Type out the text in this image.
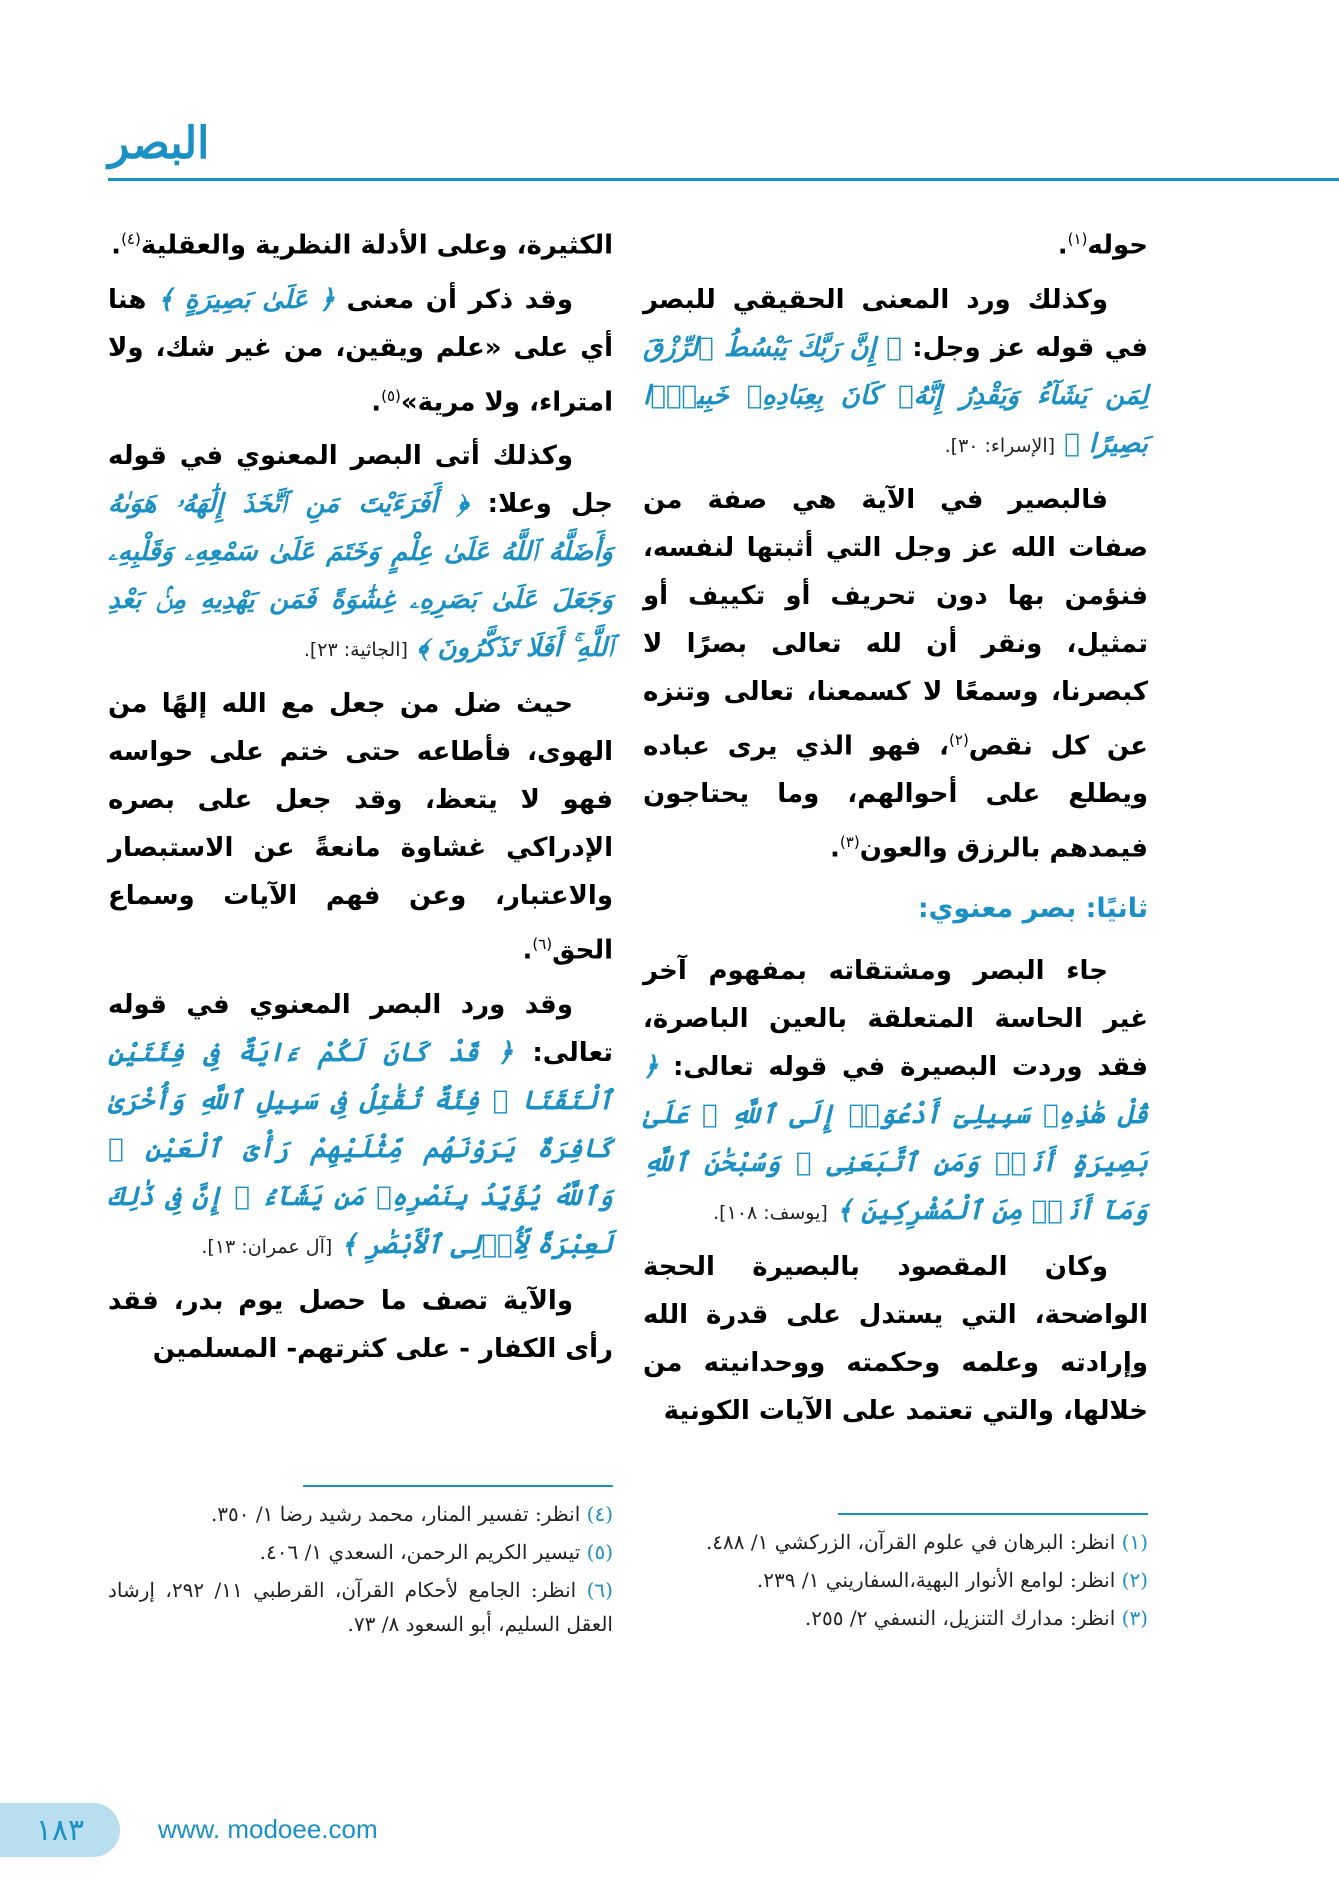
البصر

حوله$^{(١)}$.

وكذلك ورد المعنى الحقيقي للبصر في قوله عز وجل: ﴿ إِنَّ رَبَّكَ يَبْسُطُ ٱلرِّزْقَ لِمَن يَشَآءُ وَيَقْدِرُ إِنَّهُۥ كَانَ بِعِبَادِهِۦ خَبِيرًۢا بَصِيرًا ﴾ [الإسراء: ٣٠].

فالبصير في الآية هي صفة من صفات الله عز وجل التي أثبتها لنفسه، فنؤمن بها دون تحريف أو تكييف أو تمثيل، ونقر أن لله تعالى بصرًا لا كبصرنا، وسمعًا لا كسمعنا، تعالى وتنزه عن كل نقص$^{(٢)}$، فهو الذي يرى عباده ويطلع على أحوالهم، وما يحتاجون فيمدهم بالرزق والعون$^{(٣)}$.

ثانيًا: بصر معنوي:

جاء البصر ومشتقاته بمفهوم آخر غير الحاسة المتعلقة بالعين الباصرة، فقد وردت البصيرة في قوله تعالى: ﴿ قُلْ هَٰذِهِۦ سَبِيلِىٓ أَدْعُوٓا۟ إِلَى ٱللَّهِ ۚ عَلَىٰ بَصِيرَةٍ أَنَا۠ وَمَنِ ٱتَّبَعَنِى ۖ وَسُبْحَٰنَ ٱللَّهِ وَمَآ أَنَا۠ مِنَ ٱلْمُشْرِكِينَ ﴾ [يوسف: ١٠٨].

وكان المقصود بالبصيرة الحجة الواضحة، التي يستدل على قدرة الله وإرادته وعلمه وحكمته ووحدانيته من خلالها، والتي تعتمد على الآيات الكونية

الكثيرة، وعلى الأدلة النظرية والعقلية$^{(٤)}$.

وقد ذكر أن معنى ﴿ عَلَىٰ بَصِيرَةٍ ﴾ هنا أي على «علم ويقين، من غير شك، ولا امتراء، ولا مرية»$^{(٥)}$.

وكذلك أتى البصر المعنوي في قوله جل وعلا: ﴿ أَفَرَءَيْتَ مَنِ ٱتَّخَذَ إِلَٰهَهُۥ هَوَىٰهُ وَأَضَلَّهُ ٱللَّهُ عَلَىٰ عِلْمٍ وَخَتَمَ عَلَىٰ سَمْعِهِۦ وَقَلْبِهِۦ وَجَعَلَ عَلَىٰ بَصَرِهِۦ غِشَٰوَةً فَمَن يَهْدِيهِ مِنۢ بَعْدِ ٱللَّهِ ۚ أَفَلَا تَذَكَّرُونَ ﴾ [الجاثية: ٢٣].

حيث ضل من جعل مع الله إلهًا من الهوى، فأطاعه حتى ختم على حواسه فهو لا يتعظ، وقد جعل على بصره الإدراكي غشاوة مانعةً عن الاستبصار والاعتبار، وعن فهم الآيات وسماع الحق$^{(٦)}$.

وقد ورد البصر المعنوي في قوله تعالى: ﴿ قَدْ كَانَ لَكُمْ ءَايَةٌ فِى فِئَتَيْنِ ٱلْتَقَتَا ۖ فِئَةٌ تُقَٰتِلُ فِى سَبِيلِ ٱللَّهِ وَأُخْرَىٰ كَافِرَةٌ يَرَوْنَهُم مِّثْلَيْهِمْ رَأْىَ ٱلْعَيْنِ ۚ وَٱللَّهُ يُؤَيِّدُ بِنَصْرِهِۦ مَن يَشَآءُ ۗ إِنَّ فِى ذَٰلِكَ لَعِبْرَةً لِّأُو۟لِى ٱلْأَبْصَٰرِ ﴾ [آل عمران: ١٣].

والآية تصف ما حصل يوم بدر، فقد رأى الكفار - على كثرتهم- المسلمين

(١) انظر: البرهان في علوم القرآن، الزركشي ١/ ٤٨٨.
(٢) انظر: لوامع الأنوار البهية،السفاريني ١/ ٢٣٩.
(٣) انظر: مدارك التنزيل، النسفي ٢/ ٢٥٥.
(٤) انظر: تفسير المنار، محمد رشيد رضا ١/ ٣٥٠.
(٥) تيسير الكريم الرحمن، السعدي ١/ ٤٠٦.
(٦) انظر: الجامع لأحكام القرآن، القرطبي ١١/ ٢٩٢، إرشاد العقل السليم، أبو السعود ٨/ ٧٣.
١٨٣	www. modoee.com
